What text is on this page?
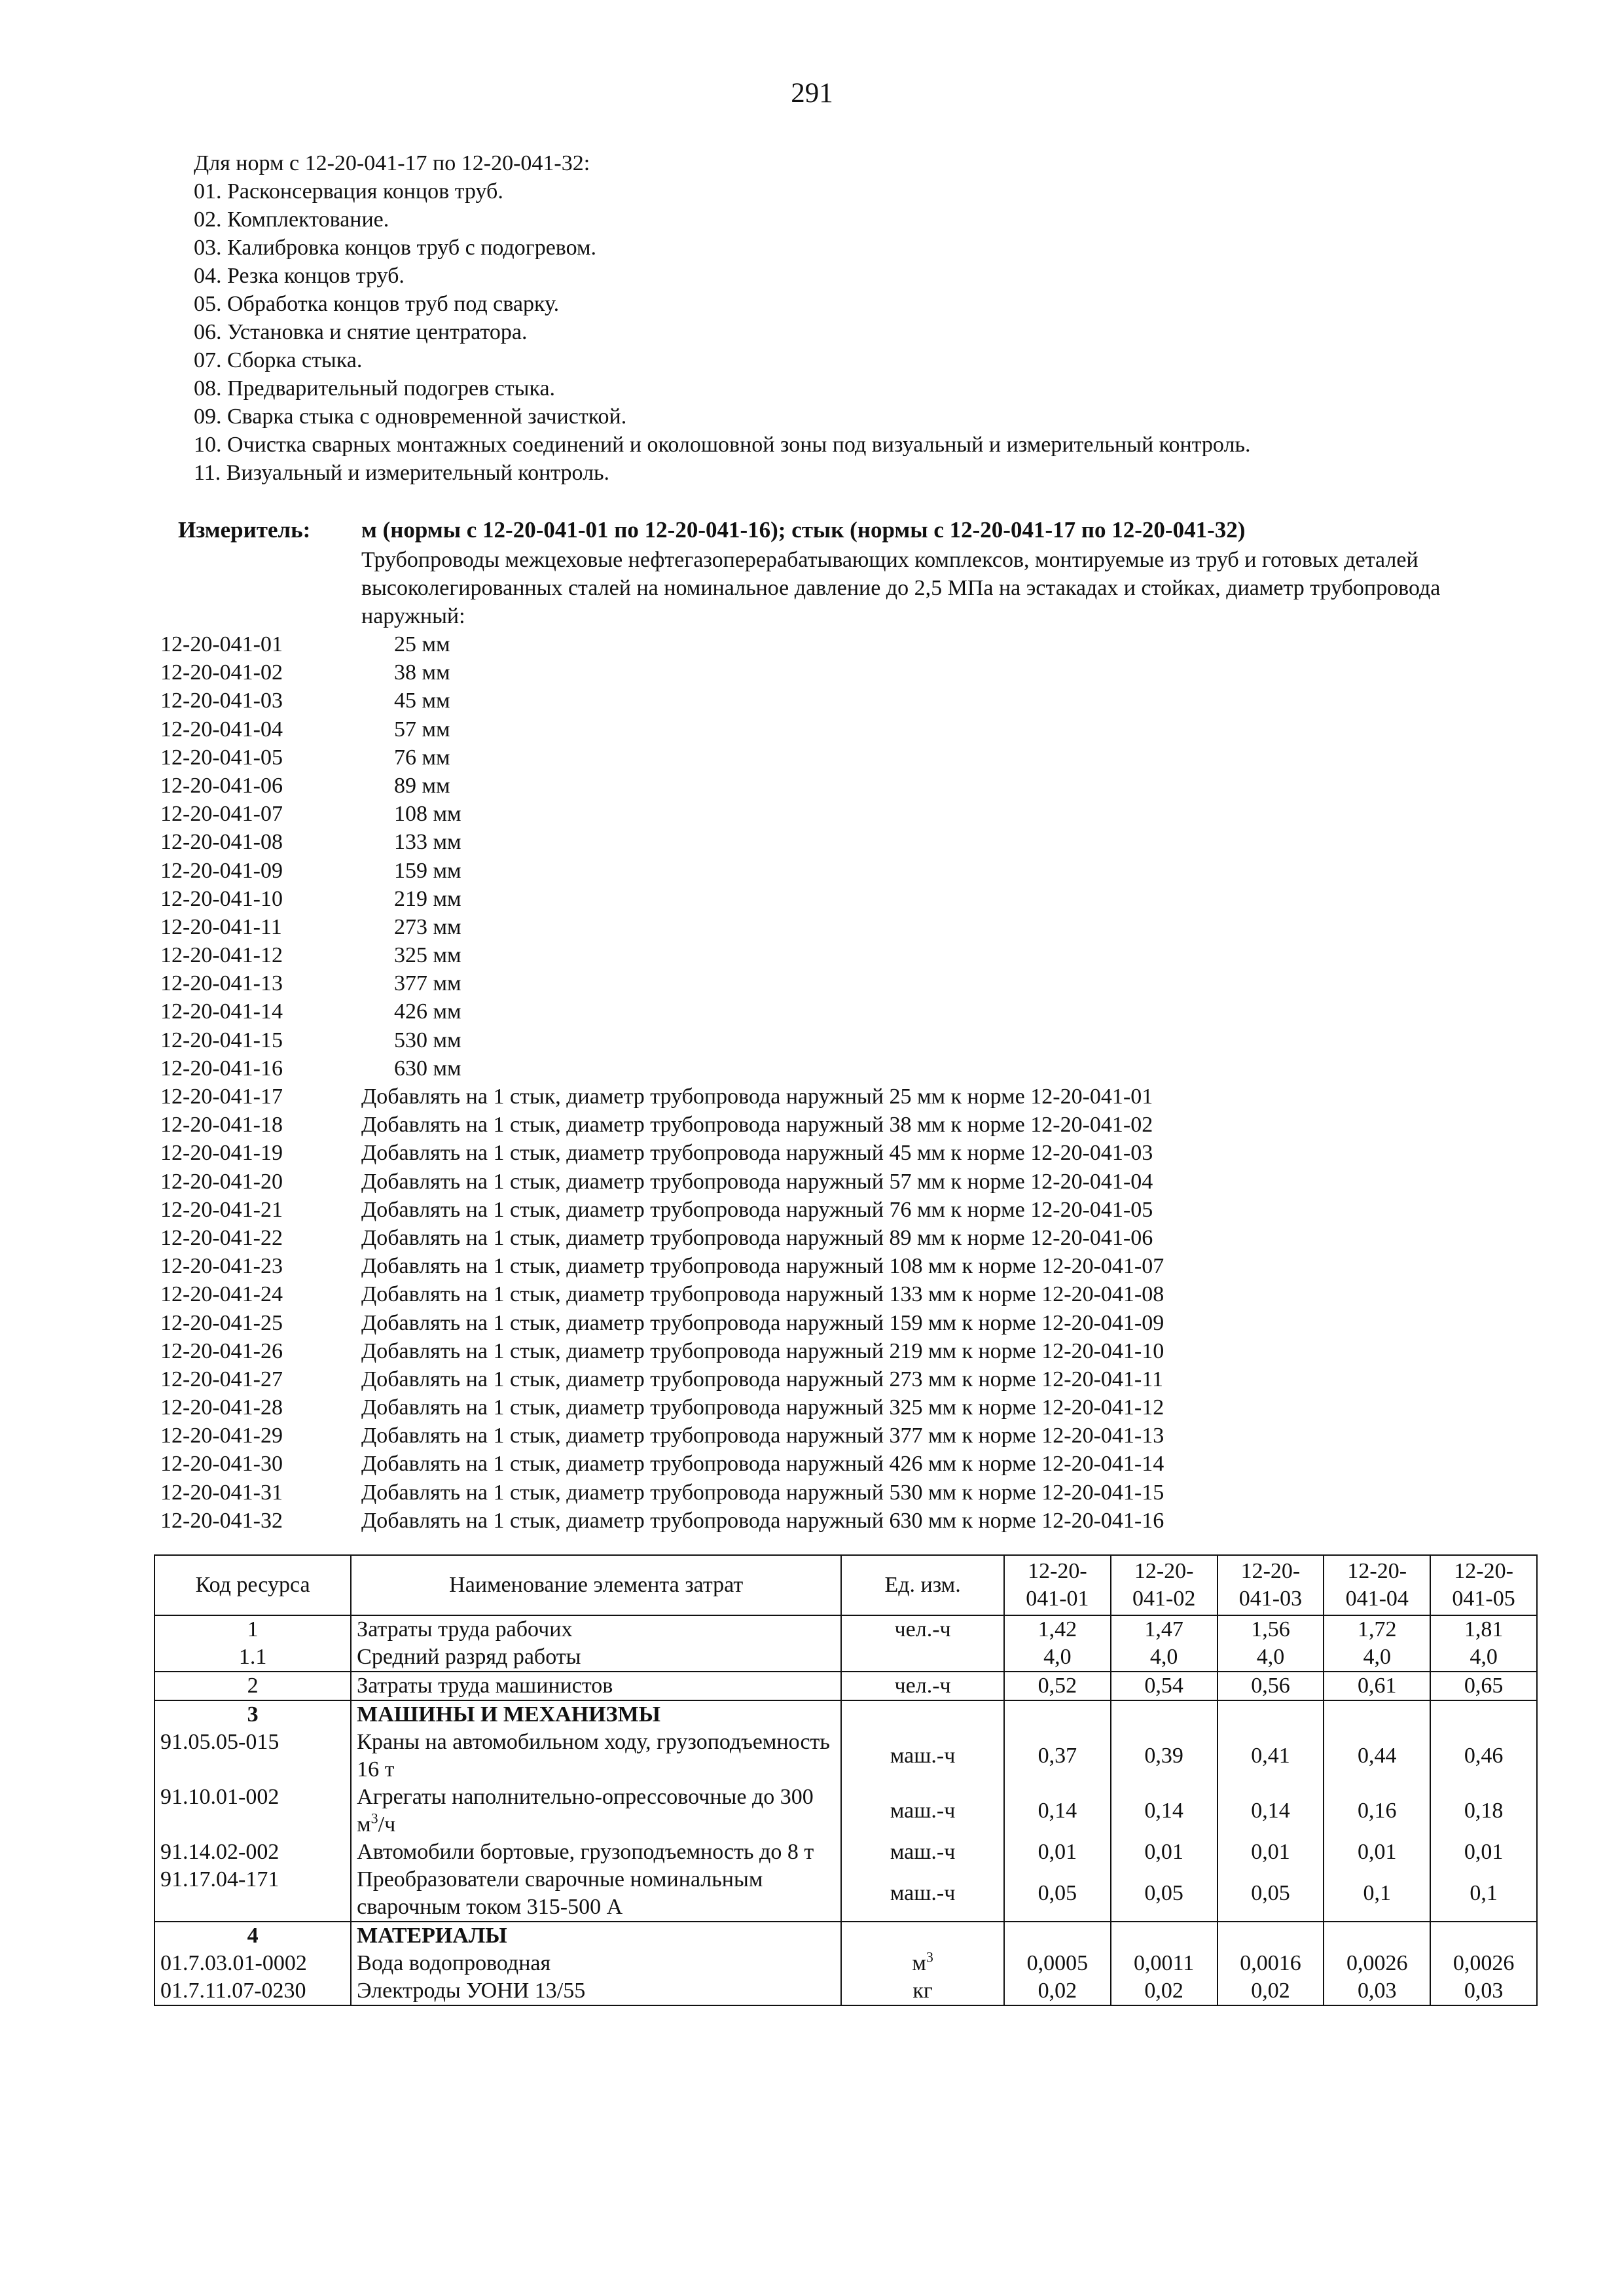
291
Для норм с 12-20-041-17 по 12-20-041-32:
01. Расконсервация концов труб.
02. Комплектование.
03. Калибровка концов труб с подогревом.
04. Резка концов труб.
05. Обработка концов труб под сварку.
06. Установка и снятие центратора.
07. Сборка стыка.
08. Предварительный подогрев стыка.
09. Сварка стыка с одновременной зачисткой.
10. Очистка сварных монтажных соединений и околошовной зоны под визуальный и измерительный контроль.
11. Визуальный и измерительный контроль.
Измеритель: м (нормы с 12-20-041-01 по 12-20-041-16); стык (нормы с 12-20-041-17 по 12-20-041-32)
Трубопроводы межцеховые нефтегазоперерабатывающих комплексов, монтируемые из труб и готовых деталей высоколегированных сталей на номинальное давление до 2,5 МПа на эстакадах и стойках, диаметр трубопровода наружный:
12-20-041-01	25 мм
12-20-041-02	38 мм
12-20-041-03	45 мм
12-20-041-04	57 мм
12-20-041-05	76 мм
12-20-041-06	89 мм
12-20-041-07	108 мм
12-20-041-08	133 мм
12-20-041-09	159 мм
12-20-041-10	219 мм
12-20-041-11	273 мм
12-20-041-12	325 мм
12-20-041-13	377 мм
12-20-041-14	426 мм
12-20-041-15	530 мм
12-20-041-16	630 мм
12-20-041-17	Добавлять на 1 стык, диаметр трубопровода наружный 25 мм к норме 12-20-041-01
12-20-041-18	Добавлять на 1 стык, диаметр трубопровода наружный 38 мм к норме 12-20-041-02
12-20-041-19	Добавлять на 1 стык, диаметр трубопровода наружный 45 мм к норме 12-20-041-03
12-20-041-20	Добавлять на 1 стык, диаметр трубопровода наружный 57 мм к норме 12-20-041-04
12-20-041-21	Добавлять на 1 стык, диаметр трубопровода наружный 76 мм к норме 12-20-041-05
12-20-041-22	Добавлять на 1 стык, диаметр трубопровода наружный 89 мм к норме 12-20-041-06
12-20-041-23	Добавлять на 1 стык, диаметр трубопровода наружный 108 мм к норме 12-20-041-07
12-20-041-24	Добавлять на 1 стык, диаметр трубопровода наружный 133 мм к норме 12-20-041-08
12-20-041-25	Добавлять на 1 стык, диаметр трубопровода наружный 159 мм к норме 12-20-041-09
12-20-041-26	Добавлять на 1 стык, диаметр трубопровода наружный 219 мм к норме 12-20-041-10
12-20-041-27	Добавлять на 1 стык, диаметр трубопровода наружный 273 мм к норме 12-20-041-11
12-20-041-28	Добавлять на 1 стык, диаметр трубопровода наружный 325 мм к норме 12-20-041-12
12-20-041-29	Добавлять на 1 стык, диаметр трубопровода наружный 377 мм к норме 12-20-041-13
12-20-041-30	Добавлять на 1 стык, диаметр трубопровода наружный 426 мм к норме 12-20-041-14
12-20-041-31	Добавлять на 1 стык, диаметр трубопровода наружный 530 мм к норме 12-20-041-15
12-20-041-32	Добавлять на 1 стык, диаметр трубопровода наружный 630 мм к норме 12-20-041-16
Код ресурса	Наименование элемента затрат	Ед. изм.	12-20-041-01	12-20-041-02	12-20-041-03	12-20-041-04	12-20-041-05
1	Затраты труда рабочих	чел.-ч	1,42	1,47	1,56	1,72	1,81
1.1	Средний разряд работы		4,0	4,0	4,0	4,0	4,0
2	Затраты труда машинистов	чел.-ч	0,52	0,54	0,56	0,61	0,65
3	МАШИНЫ И МЕХАНИЗМЫ						
91.05.05-015	Краны на автомобильном ходу, грузоподъемность 16 т	маш.-ч	0,37	0,39	0,41	0,44	0,46
91.10.01-002	Агрегаты наполнительно-опрессовочные до 300 $м^3/ч$	маш.-ч	0,14	0,14	0,14	0,16	0,18
91.14.02-002	Автомобили бортовые, грузоподъемность до 8 т	маш.-ч	0,01	0,01	0,01	0,01	0,01
91.17.04-171	Преобразователи сварочные номинальным сварочным током 315-500 А	маш.-ч	0,05	0,05	0,05	0,1	0,1
4	МАТЕРИАЛЫ						
01.7.03.01-0002	Вода водопроводная	$м^3$	0,0005	0,0011	0,0016	0,0026	0,0026
01.7.11.07-0230	Электроды УОНИ 13/55	кг	0,02	0,02	0,02	0,03	0,03
